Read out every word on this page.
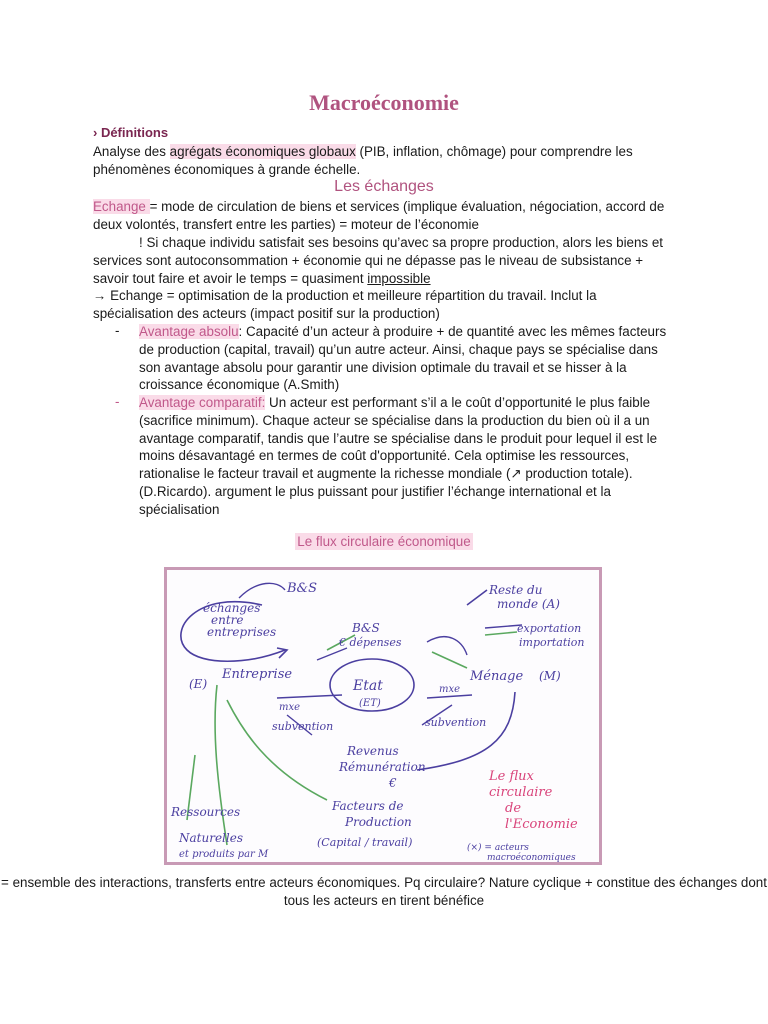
Macroéconomie
› Définitions
Analyse des agrégats économiques globaux (PIB, inflation, chômage) pour comprendre les phénomènes économiques à grande échelle.
Les échanges
Echange = mode de circulation de biens et services (implique évaluation, négociation, accord de deux volontés, transfert entre les parties) = moteur de l’économie
! Si chaque individu satisfait ses besoins qu’avec sa propre production, alors les biens et services sont autoconsommation + économie qui ne dépasse pas le niveau de subsistance + savoir tout faire et avoir le temps = quasiment impossible
→ Echange = optimisation de la production et meilleure répartition du travail. Inclut la spécialisation des acteurs (impact positif sur la production)
- Avantage absolu: Capacité d’un acteur à produire + de quantité avec les mêmes facteurs de production (capital, travail) qu’un autre acteur. Ainsi, chaque pays se spécialise dans son avantage absolu pour garantir une division optimale du travail et se hisser à la croissance économique (A.Smith)
- Avantage comparatif: Un acteur est performant s’il a le coût d’opportunité le plus faible (sacrifice minimum). Chaque acteur se spécialise dans la production du bien où il a un avantage comparatif, tandis que l’autre se spécialise dans le produit pour lequel il est le moins désavantagé en termes de coût d'opportunité. Cela optimise les ressources, rationalise le facteur travail et augmente la richesse mondiale (↗ production totale).(D.Ricardo). argument le plus puissant pour justifier l’échange international et la spécialisation
Le flux circulaire économique
B&S
échanges
entre
entreprises
Entreprise
(E)
B&S
€ dépenses
Reste du
monde (A)
exportation
importation
Ménage (M)
Etat
(ET)
mxe
mxe
subvention	subvention
Revenus
Rémunération
€
Facteurs de
Production
(Capital / travail)
Ressources
Naturelles
et produits par M
Le flux
circulaire
de
l'Economie
(×) = acteurs
macroéconomiques
= ensemble des interactions, transferts entre acteurs économiques. Pq circulaire? Nature cyclique + constitue des échanges dont tous les acteurs en tirent bénéfice
